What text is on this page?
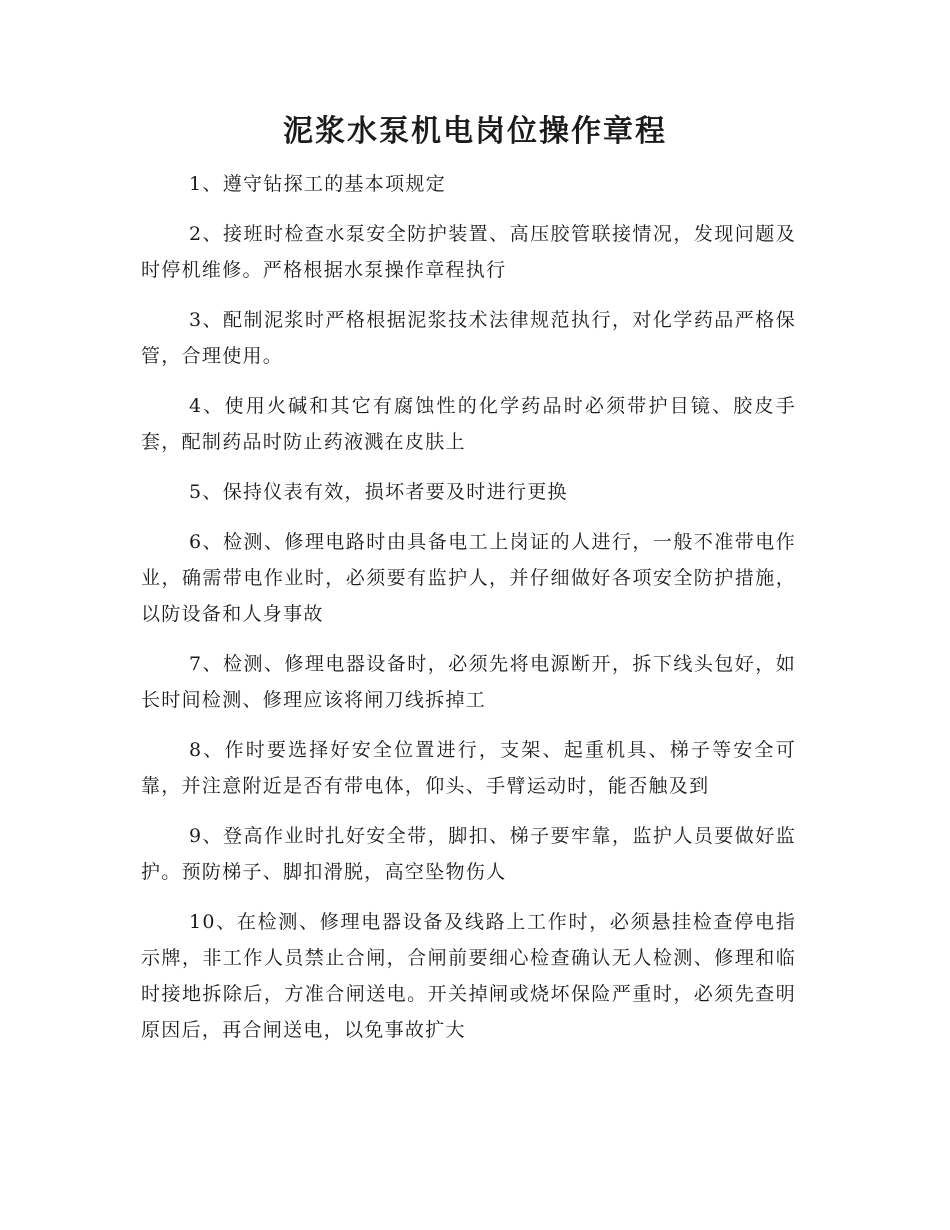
泥浆水泵机电岗位操作章程

1、遵守钻探工的基本项规定

2、接班时检查水泵安全防护装置、高压胶管联接情况，发现问题及时停机维修。严格根据水泵操作章程执行

3、配制泥浆时严格根据泥浆技术法律规范执行，对化学药品严格保管，合理使用。

4、使用火碱和其它有腐蚀性的化学药品时必须带护目镜、胶皮手套，配制药品时防止药液溅在皮肤上

5、保持仪表有效，损坏者要及时进行更换

6、检测、修理电路时由具备电工上岗证的人进行，一般不准带电作业，确需带电作业时，必须要有监护人，并仔细做好各项安全防护措施，以防设备和人身事故

7、检测、修理电器设备时，必须先将电源断开，拆下线头包好，如长时间检测、修理应该将闸刀线拆掉工

8、作时要选择好安全位置进行，支架、起重机具、梯子等安全可靠，并注意附近是否有带电体，仰头、手臂运动时，能否触及到

9、登高作业时扎好安全带，脚扣、梯子要牢靠，监护人员要做好监护。预防梯子、脚扣滑脱，高空坠物伤人

10、在检测、修理电器设备及线路上工作时，必须悬挂检查停电指示牌，非工作人员禁止合闸，合闸前要细心检查确认无人检测、修理和临时接地拆除后，方准合闸送电。开关掉闸或烧坏保险严重时，必须先查明原因后，再合闸送电，以免事故扩大
